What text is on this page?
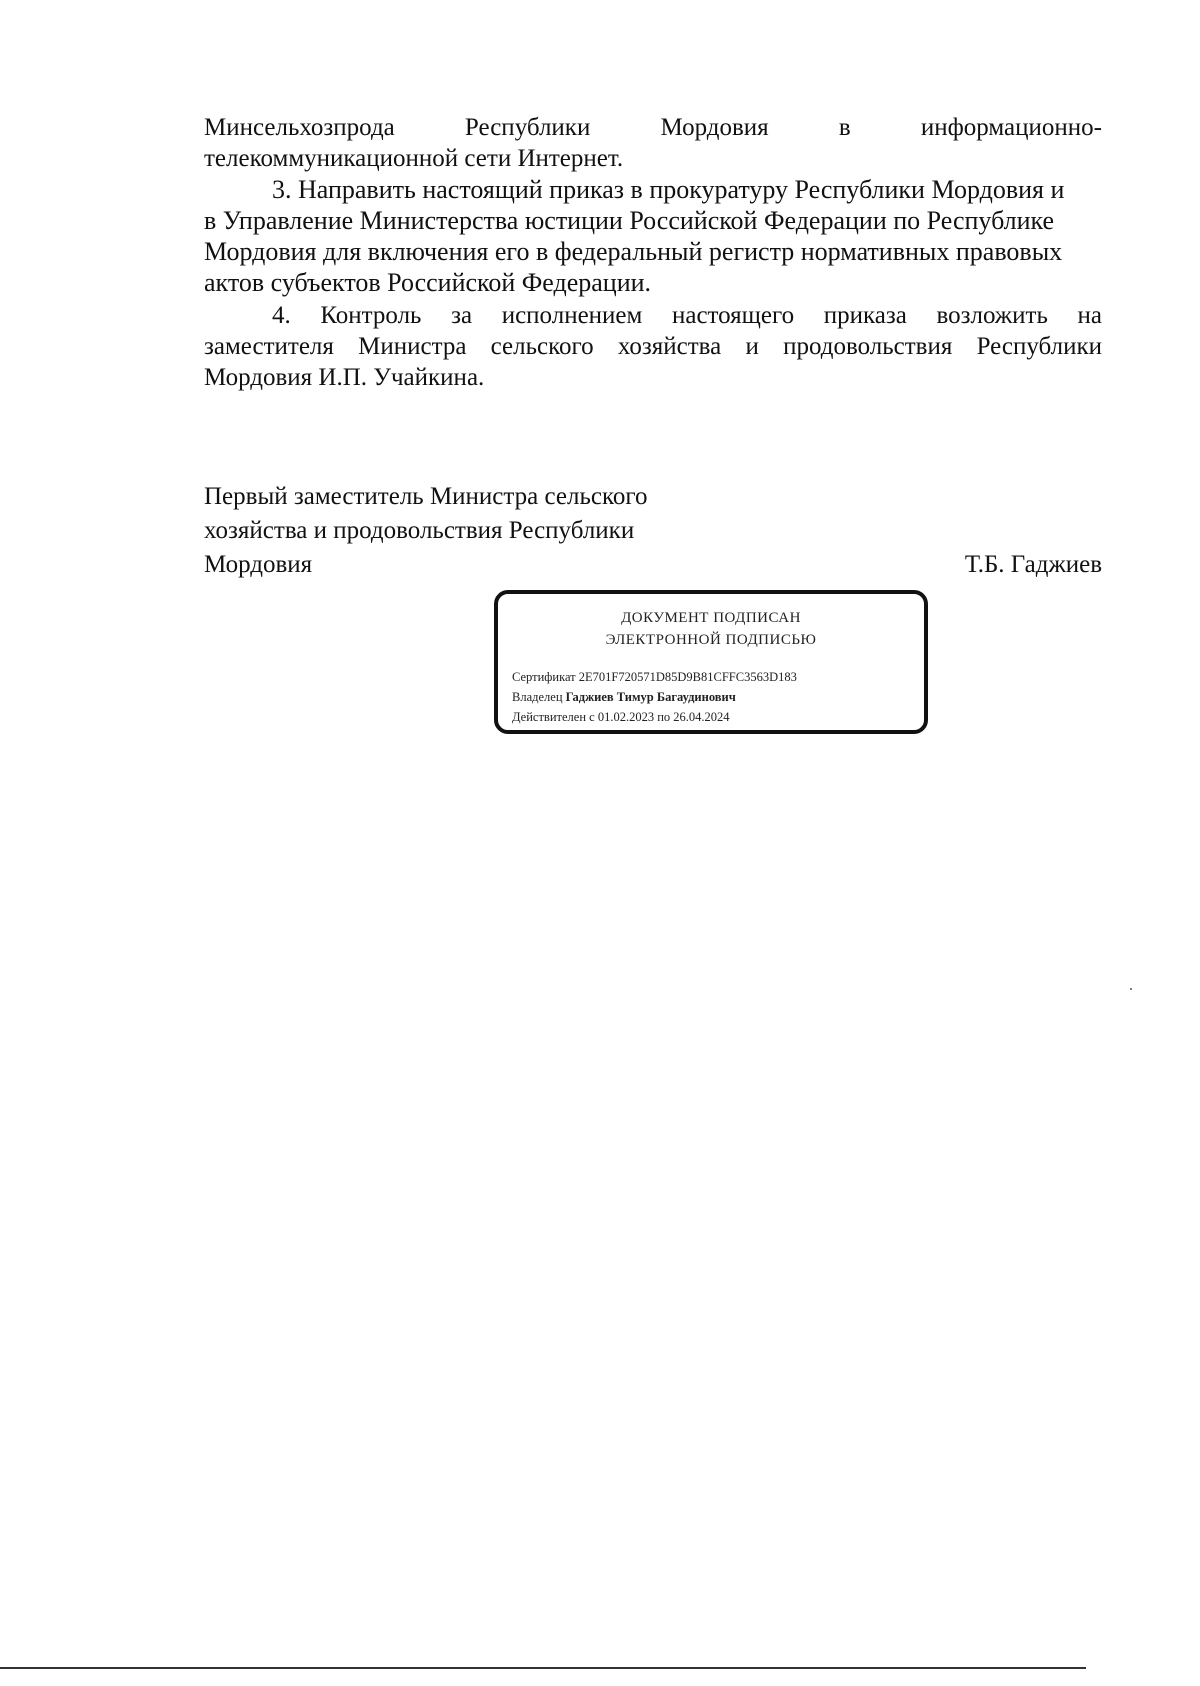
Минсельхозпрода	Республики	Мордовия	в	информационно-
телекоммуникационной сети Интернет.
3. Направить настоящий приказ в прокуратуру Республики Мордовия и
в Управление Министерства юстиции Российской Федерации по Республике
Мордовия для включения его в федеральный регистр нормативных правовых
актов субъектов Российской Федерации.
4. Контроль за исполнением настоящего приказа возложить на
заместителя Министра сельского хозяйства и продовольствия Республики
Мордовия И.П. Учайкина.
Первый заместитель Министра сельского
хозяйства и продовольствия Республики
Мордовия	Т.Б. Гаджиев
ДОКУМЕНТ ПОДПИСАН
ЭЛЕКТРОННОЙ ПОДПИСЬЮ
Сертификат 2E701F720571D85D9B81CFFC3563D183
Владелец Гаджиев Тимур Багаудинович
Действителен с 01.02.2023 по 26.04.2024
